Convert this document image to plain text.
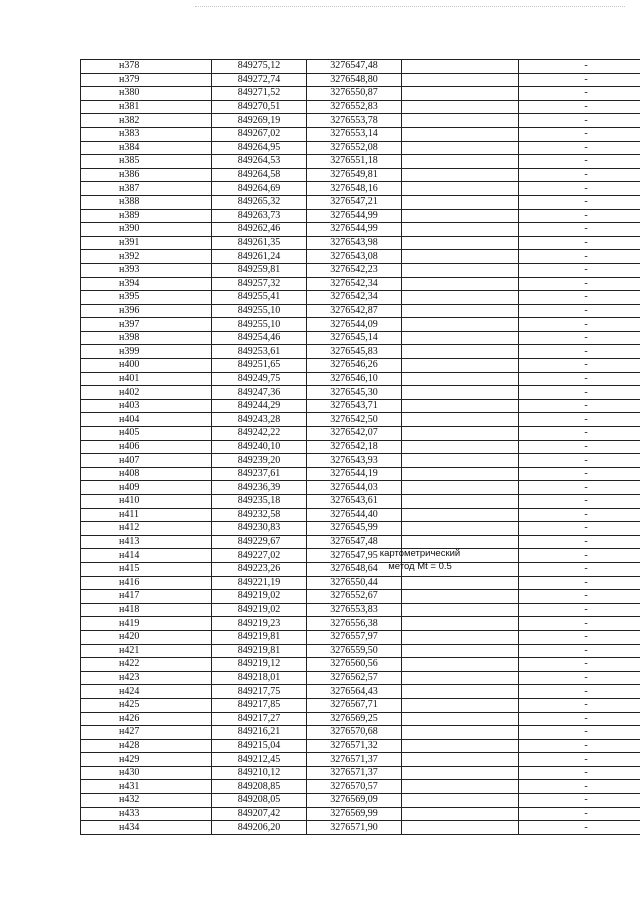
н378	849275,12	3276547,48		-
н379	849272,74	3276548,80		-
н380	849271,52	3276550,87		-
н381	849270,51	3276552,83		-
н382	849269,19	3276553,78		-
н383	849267,02	3276553,14		-
н384	849264,95	3276552,08		-
н385	849264,53	3276551,18		-
н386	849264,58	3276549,81		-
н387	849264,69	3276548,16		-
н388	849265,32	3276547,21		-
н389	849263,73	3276544,99		-
н390	849262,46	3276544,99		-
н391	849261,35	3276543,98		-
н392	849261,24	3276543,08		-
н393	849259,81	3276542,23		-
н394	849257,32	3276542,34		-
н395	849255,41	3276542,34		-
н396	849255,10	3276542,87		-
н397	849255,10	3276544,09		-
н398	849254,46	3276545,14		-
н399	849253,61	3276545,83		-
н400	849251,65	3276546,26		-
н401	849249,75	3276546,10		-
н402	849247,36	3276545,30		-
н403	849244,29	3276543,71		-
н404	849243,28	3276542,50		-
н405	849242,22	3276542,07		-
н406	849240,10	3276542,18		-
н407	849239,20	3276543,93		-
н408	849237,61	3276544,19		-
н409	849236,39	3276544,03		-
н410	849235,18	3276543,61		-
н411	849232,58	3276544,40		-
н412	849230,83	3276545,99		-
н413	849229,67	3276547,48		-
н414	849227,02	3276547,95		-
н415	849223,26	3276548,64		-
н416	849221,19	3276550,44		-
н417	849219,02	3276552,67		-
н418	849219,02	3276553,83		-
н419	849219,23	3276556,38		-
н420	849219,81	3276557,97		-
н421	849219,81	3276559,50		-
н422	849219,12	3276560,56		-
н423	849218,01	3276562,57		-
н424	849217,75	3276564,43		-
н425	849217,85	3276567,71		-
н426	849217,27	3276569,25		-
н427	849216,21	3276570,68		-
н428	849215,04	3276571,32		-
н429	849212,45	3276571,37		-
н430	849210,12	3276571,37		-
н431	849208,85	3276570,57		-
н432	849208,05	3276569,09		-
н433	849207,42	3276569,99		-
н434	849206,20	3276571,90		-
картометрический
метод Mt = 0.5
